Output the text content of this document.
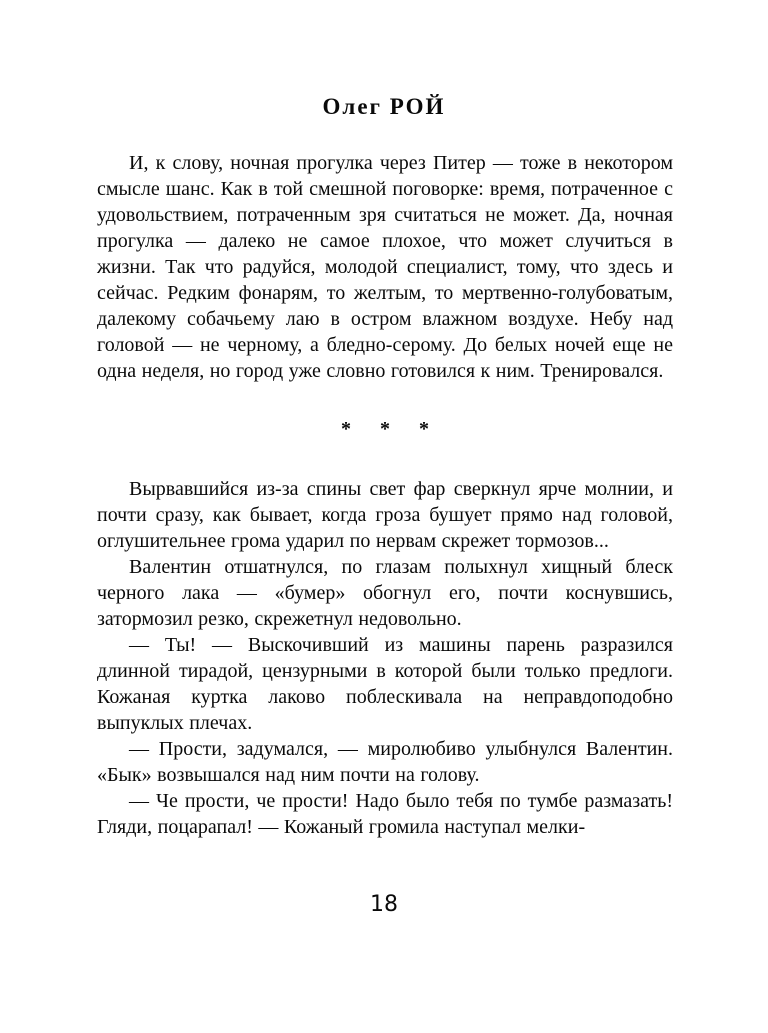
Олег РОЙ

И, к слову, ночная прогулка через Питер — тоже в некотором смысле шанс. Как в той смешной поговорке: время, потраченное с удовольствием, потраченным зря считаться не может. Да, ночная прогулка — далеко не самое плохое, что может случиться в жизни. Так что радуйся, молодой специалист, тому, что здесь и сейчас. Редким фонарям, то желтым, то мертвенно-голубоватым, далекому собачьему лаю в остром влажном воздухе. Небу над головой — не черному, а бледно-серому. До белых ночей еще не одна неделя, но город уже словно готовился к ним. Тренировался.

* * *

Вырвавшийся из-за спины свет фар сверкнул ярче молнии, и почти сразу, как бывает, когда гроза бушует прямо над головой, оглушительнее грома ударил по нервам скрежет тормозов...

Валентин отшатнулся, по глазам полыхнул хищный блеск черного лака — «бумер» обогнул его, почти коснувшись, затормозил резко, скрежетнул недовольно.

— Ты! — Выскочивший из машины парень разразился длинной тирадой, цензурными в которой были только предлоги. Кожаная куртка лаково поблескивала на неправдоподобно выпуклых плечах.

— Прости, задумался, — миролюбиво улыбнулся Валентин. «Бык» возвышался над ним почти на голову.

— Че прости, че прости! Надо было тебя по тумбе размазать! Гляди, поцарапал! — Кожаный громила наступал мелки-

18
